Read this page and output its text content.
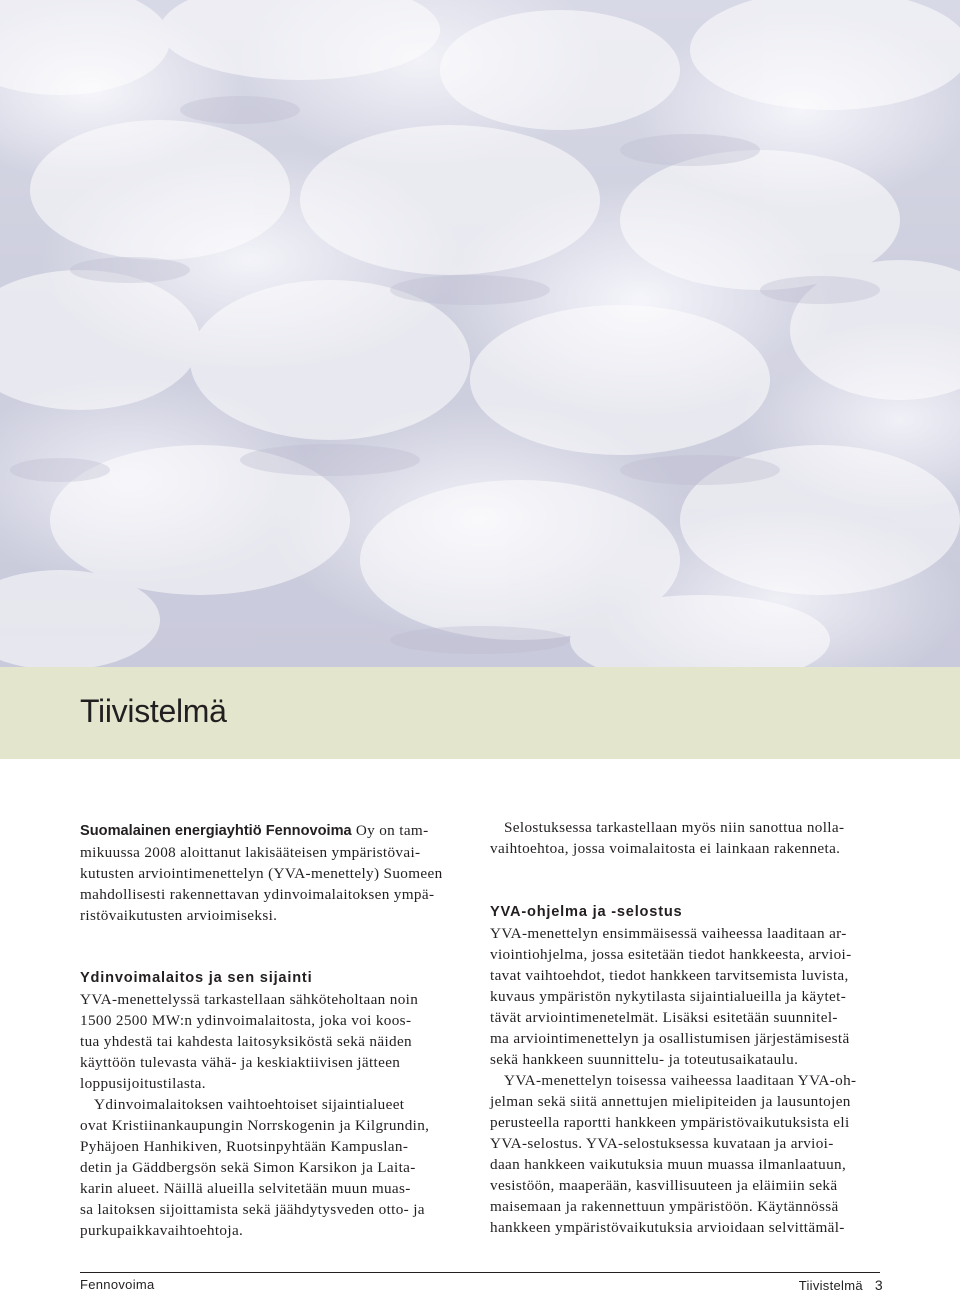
Tiivistelmä

Suomalainen energiayhtiö Fennovoima Oy on tam-
mikuussa 2008 aloittanut lakisääteisen ympäristövai-
kutusten arviointimenettelyn (YVA-menettely) Suomeen
mahdollisesti rakennettavan ydinvoimalaitoksen ympä-
ristövaikutusten arvioimiseksi.

Ydinvoimalaitos ja sen sijainti

YVA-menettelyssä tarkastellaan sähköteholtaan noin
1500 2500 MW:n ydinvoimalaitosta, joka voi koos-
tua yhdestä tai kahdesta laitosyksiköstä sekä näiden
käyttöön tulevasta vähä- ja keskiaktiivisen jätteen
loppusijoitustilasta.

Ydinvoimalaitoksen vaihtoehtoiset sijaintialueet
ovat Kristiinankaupungin Norrskogenin ja Kilgrundin,
Pyhäjoen Hanhikiven, Ruotsinpyhtään Kampuslan-
detin ja Gäddbergsön sekä Simon Karsikon ja Laita-
karin alueet. Näillä alueilla selvitetään muun muas-
sa laitoksen sijoittamista sekä jäähdytysveden otto- ja
purkupaikkavaihtoehtoja.

Selostuksessa tarkastellaan myös niin sanottua nolla-
vaihtoehtoa, jossa voimalaitosta ei lainkaan rakenneta.

YVA-ohjelma ja -selostus

YVA-menettelyn ensimmäisessä vaiheessa laaditaan ar-
viointiohjelma, jossa esitetään tiedot hankkeesta, arvioi-
tavat vaihtoehdot, tiedot hankkeen tarvitsemista luvista,
kuvaus ympäristön nykytilasta sijaintialueilla ja käytet-
tävät arviointimenetelmät. Lisäksi esitetään suunnitel-
ma arviointimenettelyn ja osallistumisen järjestämisestä
sekä hankkeen suunnittelu- ja toteutusaikataulu.

YVA-menettelyn toisessa vaiheessa laaditaan YVA-oh-
jelman sekä siitä annettujen mielipiteiden ja lausuntojen
perusteella raportti hankkeen ympäristövaikutuksista eli
YVA-selostus. YVA-selostuksessa kuvataan ja arvioi-
daan hankkeen vaikutuksia muun muassa ilmanlaatuun,
vesistöön, maaperään, kasvillisuuteen ja eläimiin sekä
maisemaan ja rakennettuun ympäristöön. Käytännössä
hankkeen ympäristövaikutuksia arvioidaan selvittämäl-

Fennovoima	Tiivistelmä 3
